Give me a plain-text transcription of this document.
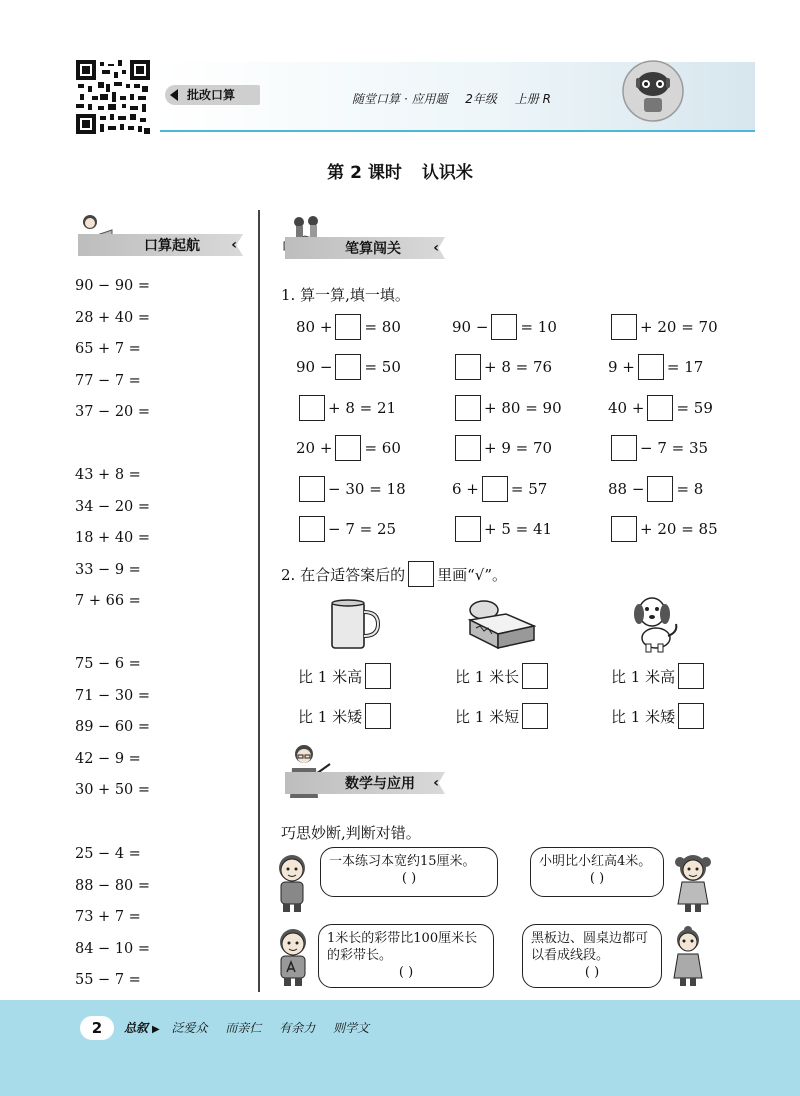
批改口算	随堂口算 · 应用题 2年级 上册 R
第 2 课时 认识米
口算起航 ‹
90 − 90 =
28 + 40 =
65 + 7 =
77 − 7 =
37 − 20 =
43 + 8 =
34 − 20 =
18 + 40 =
33 − 9 =
7 + 66 =
75 − 6 =
71 − 30 =
89 − 60 =
42 − 9 =
30 + 50 =
25 − 4 =
88 − 80 =
73 + 7 =
84 − 10 =
55 − 7 =
笔算闯关 ‹
1. 算一算,填一填。
80 + = 80	90 − = 10	+ 20 = 70
90 − = 50	+ 8 = 76	9 + = 17
+ 8 = 21	+ 80 = 90	40 + = 59
20 + = 60	+ 9 = 70	− 7 = 35
− 30 = 18	6 + = 57	88 − = 8
− 7 = 25	+ 5 = 41	+ 20 = 85
2. 在合适答案后的 里画“√”。
比 1 米高
比 1 米矮
比 1 米长
比 1 米短
比 1 米高
比 1 米矮
数学与应用 ‹
巧思妙断,判断对错。
一本练习本宽约15厘米。
( )
小明比小红高4米。
( )
1米长的彩带比100厘米长的彩带长。
( )
黑板边、圆桌边都可以看成线段。
( )
2	总叙 ▶ 泛爱众 而亲仁 有余力 则学文
